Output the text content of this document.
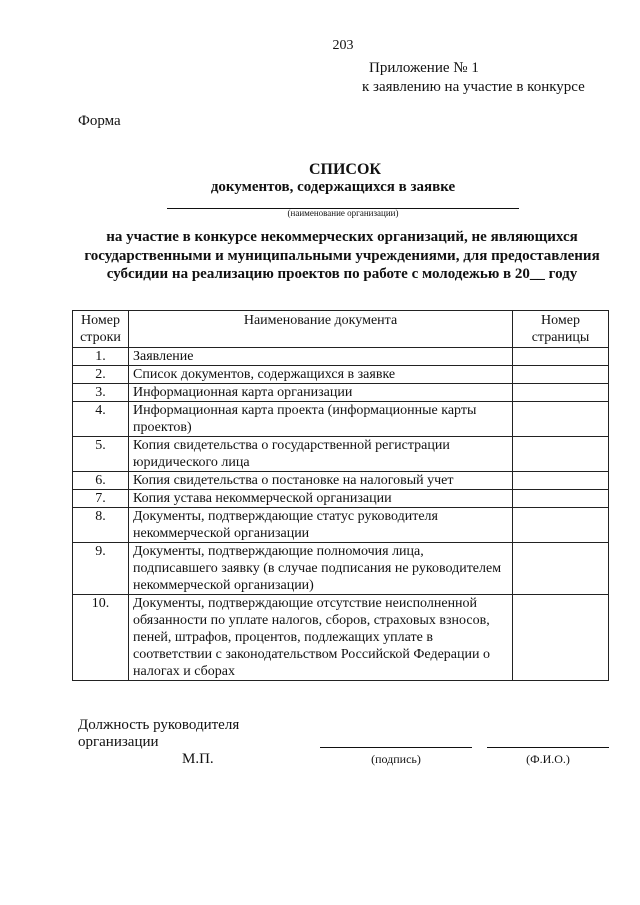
203
Приложение № 1
к заявлению на участие в конкурсе
Форма
СПИСОК
документов, содержащихся в заявке
(наименование организации)
на участие в конкурсе некоммерческих организаций, не являющихся
государственными и муниципальными учреждениями, для предоставления
субсидии на реализацию проектов по работе с молодежью в 20__ году
Номер строки	Наименование документа	Номер страницы
1.	Заявление	
2.	Список документов, содержащихся в заявке	
3.	Информационная карта организации	
4.	Информационная карта проекта (информационные карты проектов)	
5.	Копия свидетельства о государственной регистрации юридического лица	
6.	Копия свидетельства о постановке на налоговый учет	
7.	Копия устава некоммерческой организации	
8.	Документы, подтверждающие статус руководителя некоммерческой организации	
9.	Документы, подтверждающие полномочия лица, подписавшего заявку (в случае подписания не руководителем некоммерческой организации)	
10.	Документы, подтверждающие отсутствие неисполненной обязанности по уплате налогов, сборов, страховых взносов, пеней, штрафов, процентов, подлежащих уплате в соответствии с законодательством Российской Федерации о налогах и сборах	
Должность руководителя
организации
М.П.	(подпись)	(Ф.И.О.)
